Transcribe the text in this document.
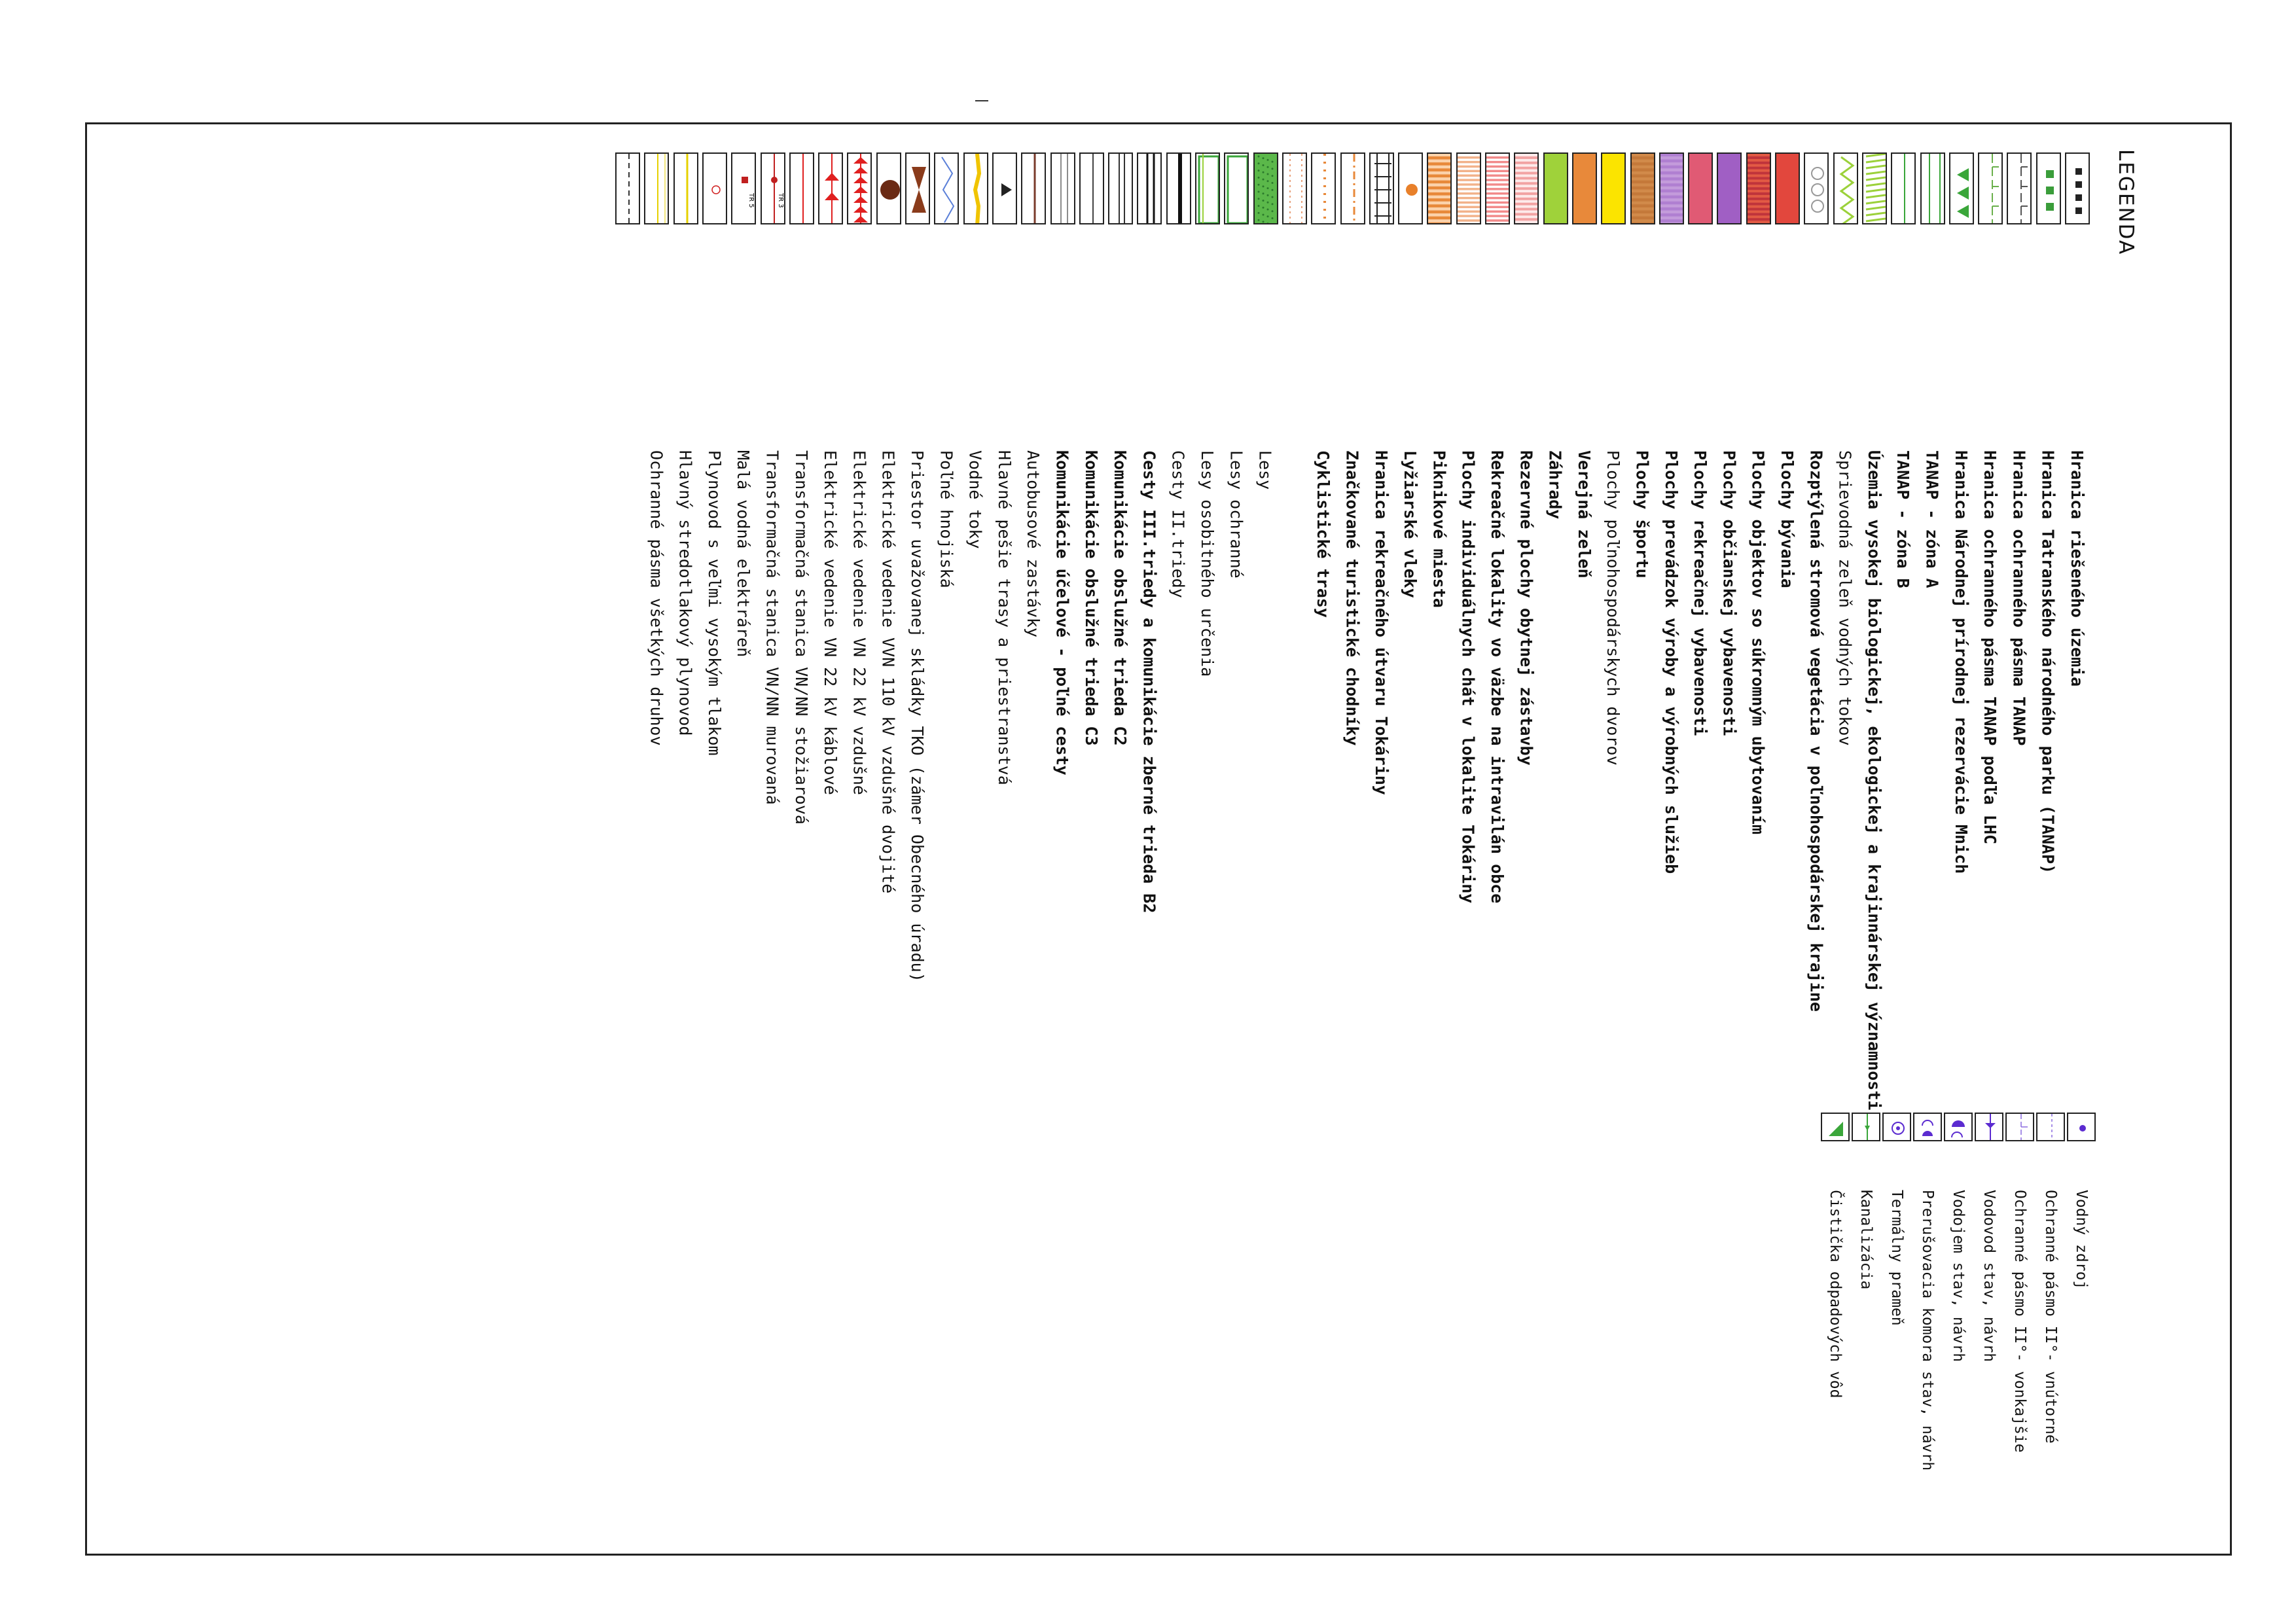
LEGENDA
Hranica riešeného územia
Hranica Tatranského národného parku (TANAP)
Hranica ochranného pásma TANAP
Hranica ochranného pásma TANAP podľa LHC
Hranica Národnej prírodnej rezervácie Mnich
TANAP - zóna A
TANAP - zóna B
Územia vysokej biologickej, ekologickej a krajinnárskej významnosti
Sprievodná zeleň vodných tokov
Rozptýlená stromová vegetácia v poľnohospodárskej krajine
Plochy bývania
Plochy objektov so súkromným ubytovaním
Plochy občianskej vybavenosti
Plochy rekreačnej vybavenosti
Plochy prevádzok výroby a výrobných služieb
Plochy športu
Plochy poľnohospodárskych dvorov
Verejná zeleň
Záhrady
Rezervné plochy obytnej zástavby
Rekreačné lokality vo väzbe na intravilán obce
Plochy individuálnych chát v lokalite Tokáriny
Piknikové miesta
Lyžiarské vleky
Hranica rekreačného útvaru Tokáriny
Značkované turistické chodníky
Cyklistické trasy
Lesy
Lesy ochranné
Lesy osobitného určenia
Cesty II.triedy
Cesty III.triedy a komunikácie zberné trieda B2
Komunikácie obslužné trieda C2
Komunikácie obslužné trieda C3
Komunikácie účelové - poľné cesty
Autobusové zastávky
Hlavné pešie trasy a priestranstvá
Vodné toky
Poľné hnojiská
Priestor uvažovanej skládky TKO (zámer Obecného úradu)
Elektrické vedenie VVN 110 kV vzdušné dvojité
Elektrické vedenie VN 22 kV vzdušné
Elektrické vedenie VN 22 kV káblové
Transformačná stanica VN/NN stožiarová
TR 3
Transformačná stanica VN/NN murovaná
TR 5
Malá vodná elektráreň
Plynovod s veľmi vysokým tlakom
Hlavný stredotlakový plynovod
Ochranné pásma všetkých druhov
Vodný zdroj
Ochranné pásmo II°- vnútorné
Ochranné pásmo II°- vonkajšie
Vodovod stav, návrh
Vodojem stav, návrh
Prerušovacia komora stav, návrh
Termálny prameň
Kanalizácia
Čistička odpadových vôd
